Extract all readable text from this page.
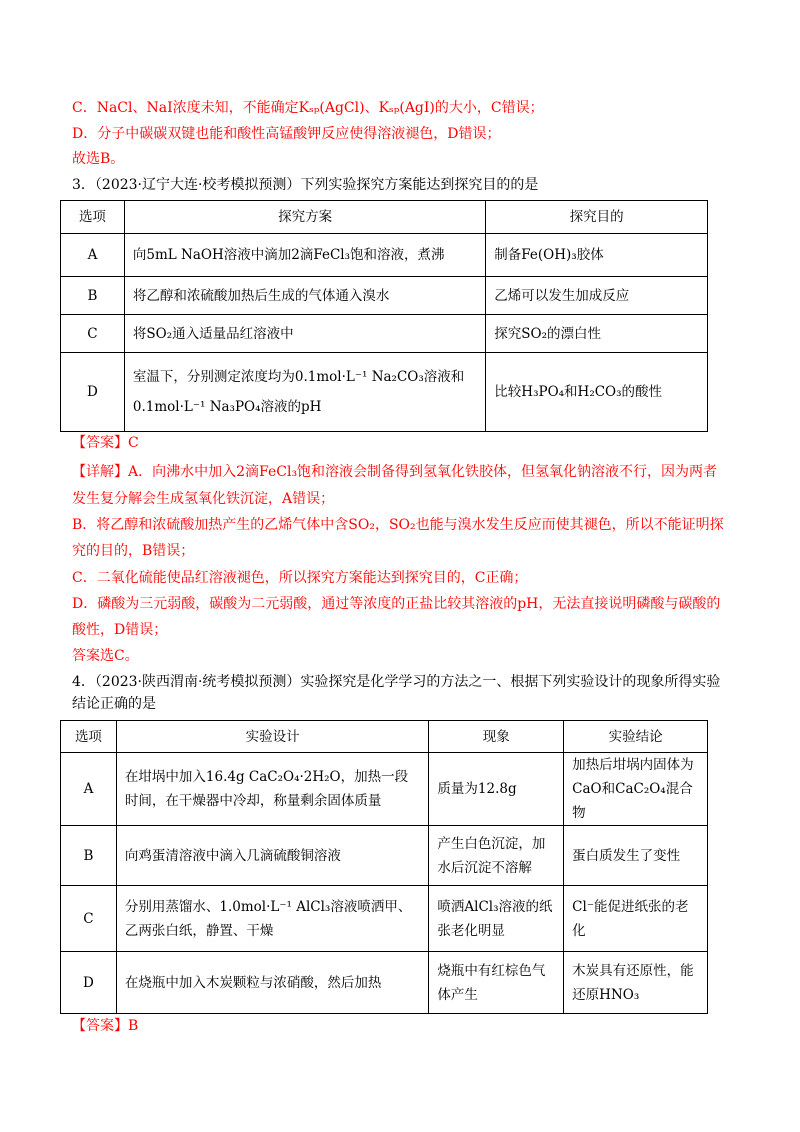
C．NaCl、NaI浓度未知，不能确定Kₛₚ(AgCl)、Kₛₚ(AgI)的大小，C错误；
D．分子中碳碳双键也能和酸性高锰酸钾反应使得溶液褪色，D错误；
故选B。
3．（2023·辽宁大连·校考模拟预测）下列实验探究方案能达到探究目的的是
选项	探究方案	探究目的
A	向5mL NaOH溶液中滴加2滴FeCl₃饱和溶液，煮沸	制备Fe(OH)₃胶体
B	将乙醇和浓硫酸加热后生成的气体通入溴水	乙烯可以发生加成反应
C	将SO₂通入适量品红溶液中	探究SO₂的漂白性
D	室温下，分别测定浓度均为0.1mol·L⁻¹ Na₂CO₃溶液和0.1mol·L⁻¹ Na₃PO₄溶液的pH	比较H₃PO₄和H₂CO₃的酸性
【答案】C
【详解】A．向沸水中加入2滴FeCl₃饱和溶液会制备得到氢氧化铁胶体，但氢氧化钠溶液不行，因为两者
发生复分解会生成氢氧化铁沉淀，A错误；
B．将乙醇和浓硫酸加热产生的乙烯气体中含SO₂，SO₂也能与溴水发生反应而使其褪色，所以不能证明探
究的目的，B错误；
C．二氧化硫能使品红溶液褪色，所以探究方案能达到探究目的，C正确；
D．磷酸为三元弱酸，碳酸为二元弱酸，通过等浓度的正盐比较其溶液的pH，无法直接说明磷酸与碳酸的
酸性，D错误；
答案选C。
4．（2023·陕西渭南·统考模拟预测）实验探究是化学学习的方法之一、根据下列实验设计的现象所得实验结论正确的是
选项	实验设计	现象	实验结论
A	在坩埚中加入16.4g CaC₂O₄·2H₂O，加热一段时间，在干燥器中冷却，称量剩余固体质量	质量为12.8g	加热后坩埚内固体为CaO和CaC₂O₄混合物
B	向鸡蛋清溶液中滴入几滴硫酸铜溶液	产生白色沉淀，加水后沉淀不溶解	蛋白质发生了变性
C	分别用蒸馏水、1.0mol·L⁻¹ AlCl₃溶液喷洒甲、乙两张白纸，静置、干燥	喷洒AlCl₃溶液的纸张老化明显	Cl⁻能促进纸张的老化
D	在烧瓶中加入木炭颗粒与浓硝酸，然后加热	烧瓶中有红棕色气体产生	木炭具有还原性，能还原HNO₃
【答案】B
